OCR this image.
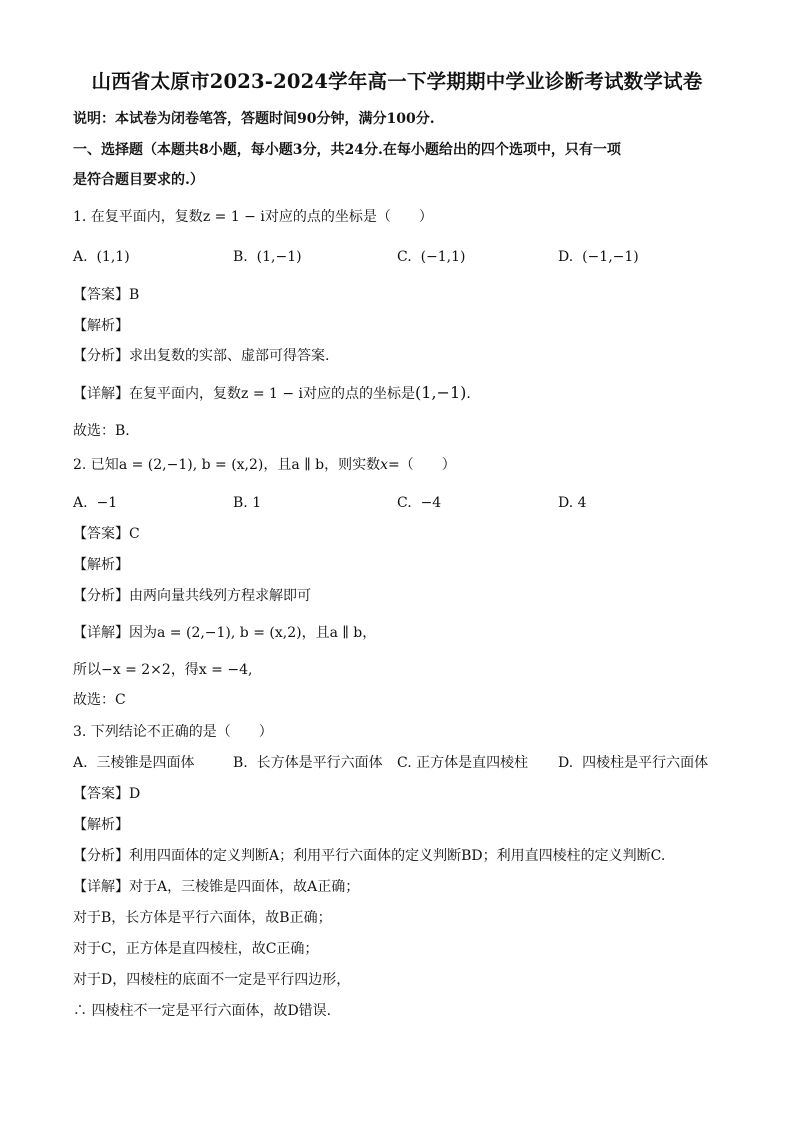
山西省太原市2023-2024学年高一下学期期中学业诊断考试数学试卷
说明：本试卷为闭卷笔答，答题时间90分钟，满分100分.
一、选择题（本题共8小题，每小题3分，共24分.在每小题给出的四个选项中，只有一项
是符合题目要求的.）
1. 在复平面内，复数z = 1 − i对应的点的坐标是（　　）
A. (1,1)	B. (1,−1)	C. (−1,1)	D. (−1,−1)
【答案】B
【解析】
【分析】求出复数的实部、虚部可得答案.
【详解】在复平面内，复数z = 1 − i对应的点的坐标是(1,−1).
故选：B.
2. 已知a = (2,−1), b = (x,2)，且a ∥ b，则实数x=（　　）
A. −1	B. 1	C. −4	D. 4
【答案】C
【解析】
【分析】由两向量共线列方程求解即可
【详解】因为a = (2,−1), b = (x,2)，且a ∥ b，
所以−x = 2×2，得x = −4,
故选：C
3. 下列结论不正确的是（　　）
A. 三棱锥是四面体	B. 长方体是平行六面体 C. 正方体是直四棱柱 D. 四棱柱是平行六面体
【答案】D
【解析】
【分析】利用四面体的定义判断A；利用平行六面体的定义判断BD；利用直四棱柱的定义判断C.
【详解】对于A，三棱锥是四面体，故A正确；
对于B，长方体是平行六面体，故B正确；
对于C，正方体是直四棱柱，故C正确；
对于D，四棱柱的底面不一定是平行四边形，
∴ 四棱柱不一定是平行六面体，故D错误.
